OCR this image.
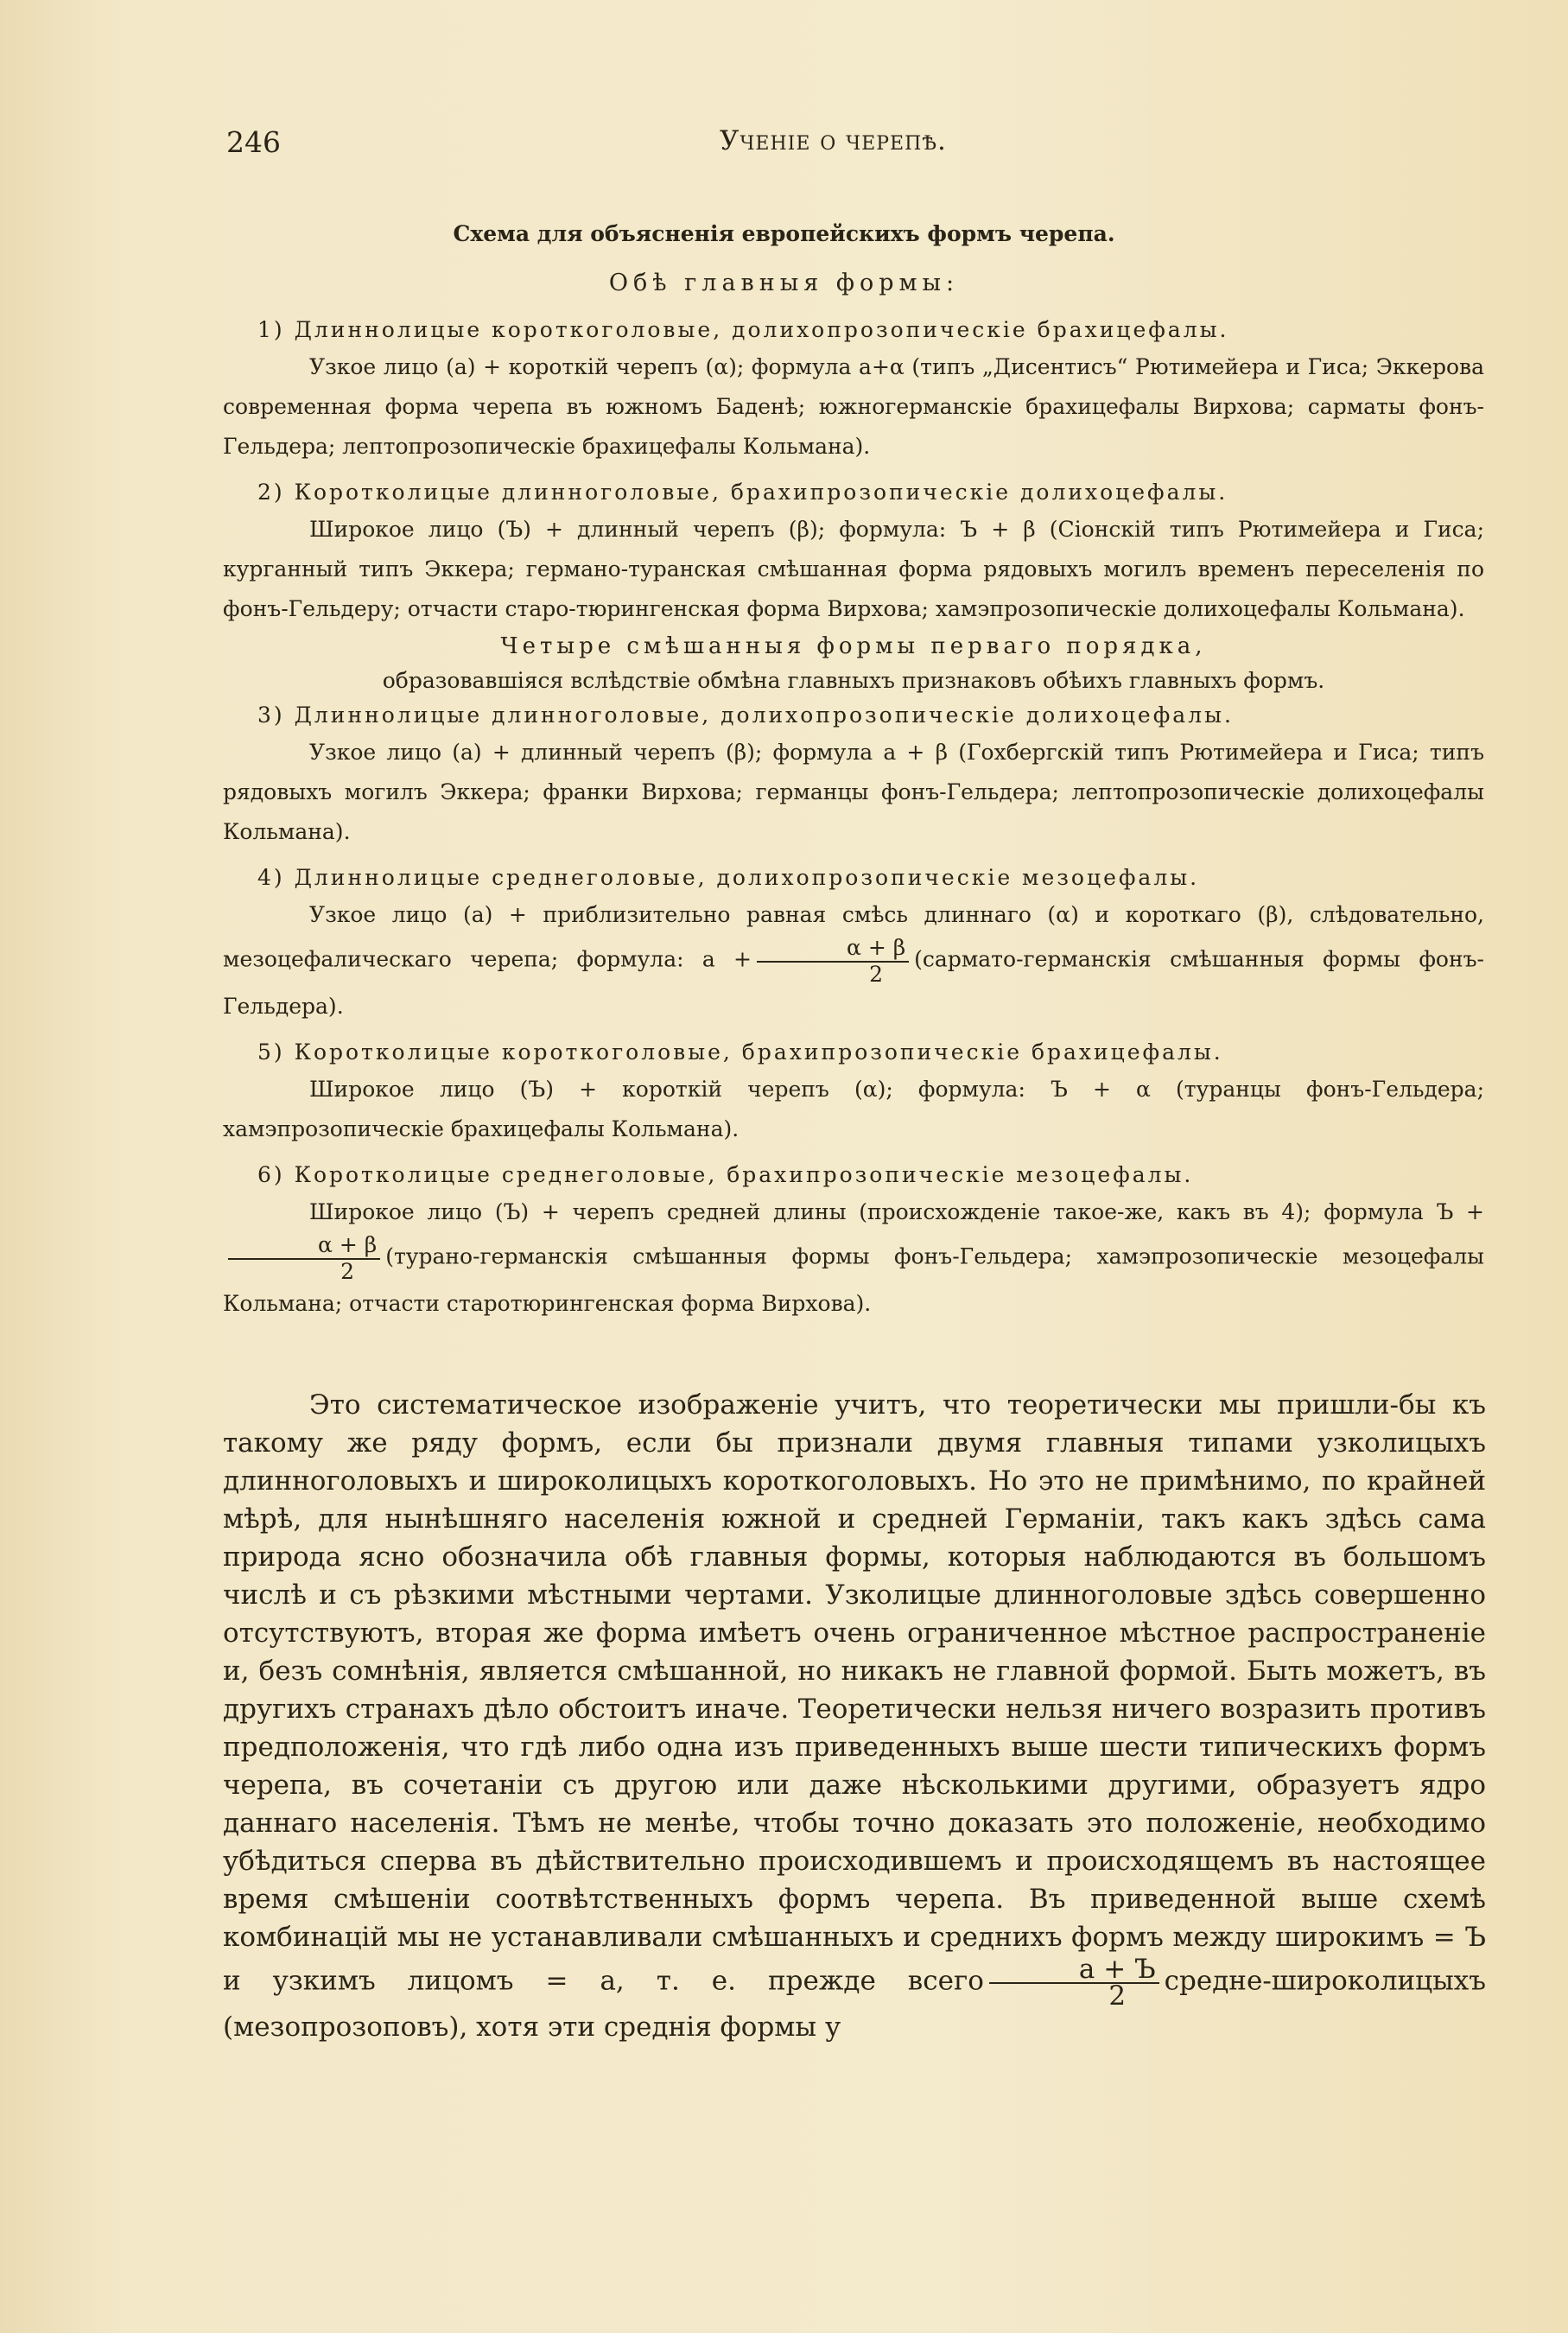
246	Ученіе о черепѣ.
Схема для объясненія европейскихъ формъ черепа.
Обѣ главныя формы:

1) Длиннолицые короткоголовые, долихопрозопическіе брахицефалы.

Узкое лицо (a) + короткій черепъ (α); формула a+α (типъ „Дисентисъ“ Рютимейера и Гиса; Эккерова современная форма черепа въ южномъ Баденѣ; южногерманскіе брахицефалы Вирхова; сарматы фонъ-Гельдера; лептопрозопическіе брахицефалы Кольмана).

2) Коротколицые длинноголовые, брахипрозопическіе долихоцефалы.

Широкое лицо (Ъ) + длинный черепъ (β); формула: Ъ + β (Сіонскій типъ Рютимейера и Гиса; курганный типъ Эккера; германо-туранская смѣшанная форма рядовыхъ могилъ временъ переселенія по фонъ-Гельдеру; отчасти старо-тюрингенская форма Вирхова; хамэпрозопическіе долихоцефалы Кольмана).

Четыре смѣшанныя формы перваго порядка,

образовавшіяся вслѣдствіе обмѣна главныхъ признаковъ обѣихъ главныхъ формъ.

3) Длиннолицые длинноголовые, долихопрозопическіе долихоцефалы.

Узкое лицо (a) + длинный черепъ (β); формула a + β (Гохбергскій типъ Рютимейера и Гиса; типъ рядовыхъ могилъ Эккера; франки Вирхова; германцы фонъ-Гельдера; лептопрозопическіе долихоцефалы Кольмана).

4) Длиннолицые среднеголовые, долихопрозопическіе мезоцефалы.

Узкое лицо (a) + приблизительно равная смѣсь длиннаго (α) и короткаго (β), слѣдовательно, мезоцефалическаго черепа; формула: $a + \frac{\alpha + \beta}{2}$ (сармато-германскія смѣшанныя формы фонъ-Гельдера).

5) Коротколицые короткоголовые, брахипрозопическіе брахицефалы.

Широкое лицо (Ъ) + короткій черепъ (α); формула: Ъ + α (туранцы фонъ-Гельдера; хамэпрозопическіе брахицефалы Кольмана).

6) Коротколицые среднеголовые, брахипрозопическіе мезоцефалы.

Широкое лицо (Ъ) + черепъ средней длины (происхожденіе такое-же, какъ въ 4); формула Ъ +
$\frac{\alpha + \beta}{2}$ (турано-германскія смѣшанныя формы фонъ-Гельдера; хамэпрозопическіе мезоцефалы Кольмана; отчасти старотюрингенская форма Вирхова).

Это систематическое изображеніе учитъ, что теоретически мы пришли-бы къ такому же ряду формъ, если бы признали двумя главныя типами узколицыхъ длинноголовыхъ и широколицыхъ короткоголовыхъ. Но это не примѣнимо, по крайней мѣрѣ, для нынѣшняго населенія южной и средней Германіи, такъ какъ здѣсь сама природа ясно обозначила обѣ главныя формы, которыя наблюдаются въ большомъ числѣ и съ рѣзкими мѣстными чертами. Узколицые длинноголовые здѣсь совершенно отсутствуютъ, вторая же форма имѣетъ очень ограниченное мѣстное распространеніе и, безъ сомнѣнія, является смѣшанной, но никакъ не главной формой. Быть можетъ, въ другихъ странахъ дѣло обстоитъ иначе. Теоретически нельзя ничего возразить противъ предположенія, что гдѣ либо одна изъ приведенныхъ выше шести типическихъ формъ черепа, въ сочетаніи съ другою или даже нѣсколькими другими, образуетъ ядро даннаго населенія. Тѣмъ не менѣе, чтобы точно доказать это положеніе, необходимо убѣдиться сперва въ дѣйствительно происходившемъ и происходящемъ въ настоящее время смѣшеніи соотвѣтственныхъ формъ черепа. Въ приведенной выше схемѣ комбинацій мы не устанавливали смѣшанныхъ и среднихъ формъ между широкимъ = Ъ и узкимъ лицомъ = a, т. е. прежде всего $\frac{a + Ъ}{2}$ средне-широколицыхъ (мезопрозоповъ), хотя эти среднія формы у
